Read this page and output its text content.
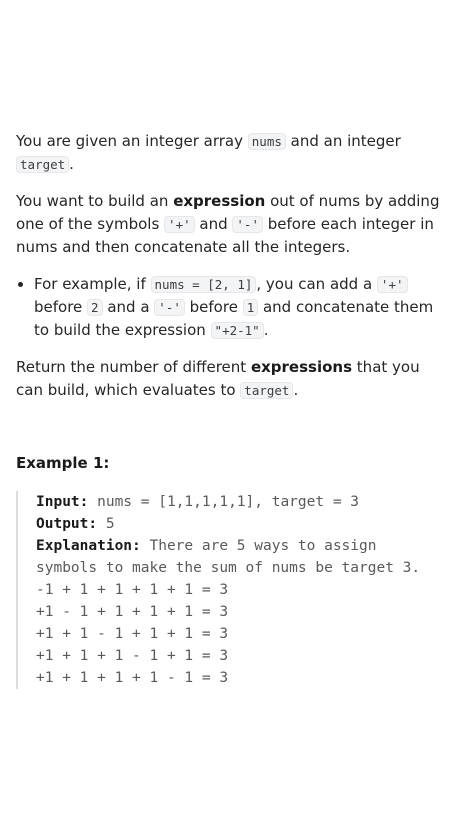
You are given an integer array nums and an integer target .

You want to build an expression out of nums by adding one of the symbols '+' and '-' before each integer in nums and then concatenate all the integers.

• For example, if nums = [2, 1] , you can add a '+' before 2 and a '-' before 1 and concatenate them to build the expression "+2-1" .

Return the number of different expressions that you can build, which evaluates to target .

Example 1:

Input: nums = [1,1,1,1,1], target = 3
Output: 5
Explanation: There are 5 ways to assign
symbols to make the sum of nums be target 3.
-1 + 1 + 1 + 1 + 1 = 3
+1 - 1 + 1 + 1 + 1 = 3
+1 + 1 - 1 + 1 + 1 = 3
+1 + 1 + 1 - 1 + 1 = 3
+1 + 1 + 1 + 1 - 1 = 3
